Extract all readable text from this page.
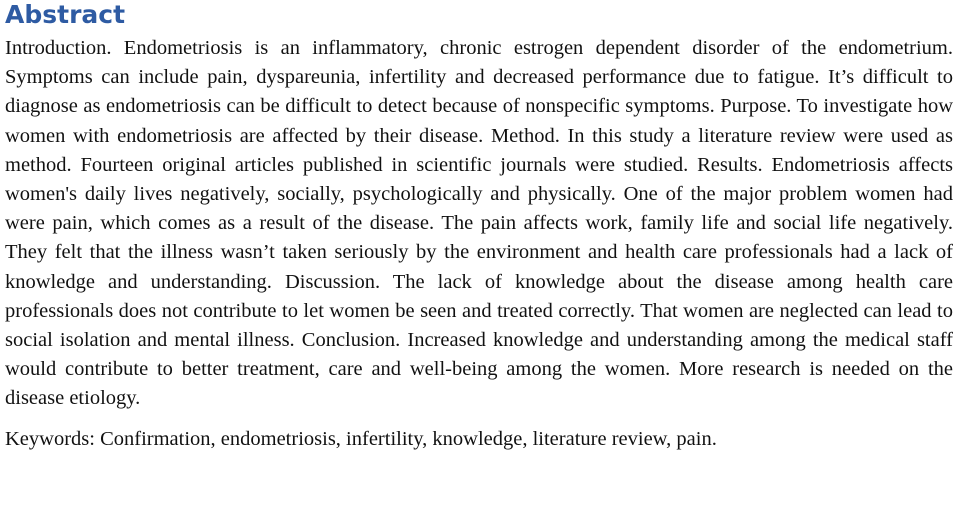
Abstract

Introduction. Endometriosis is an inflammatory, chronic estrogen dependent disorder of the endometrium. Symptoms can include pain, dyspareunia, infertility and decreased performance due to fatigue. It’s difficult to diagnose as endometriosis can be difficult to detect because of nonspecific symptoms. Purpose. To investigate how women with endometriosis are affected by their disease. Method. In this study a literature review were used as method. Fourteen original articles published in scientific journals were studied. Results. Endometriosis affects women's daily lives negatively, socially, psychologically and physically. One of the major problem women had were pain, which comes as a result of the disease. The pain affects work, family life and social life negatively. They felt that the illness wasn’t taken seriously by the environment and health care professionals had a lack of knowledge and understanding. Discussion. The lack of knowledge about the disease among health care professionals does not contribute to let women be seen and treated correctly. That women are neglected can lead to social isolation and mental illness. Conclusion. Increased knowledge and understanding among the medical staff would contribute to better treatment, care and well-being among the women. More research is needed on the disease etiology.

Keywords: Confirmation, endometriosis, infertility, knowledge, literature review, pain.
